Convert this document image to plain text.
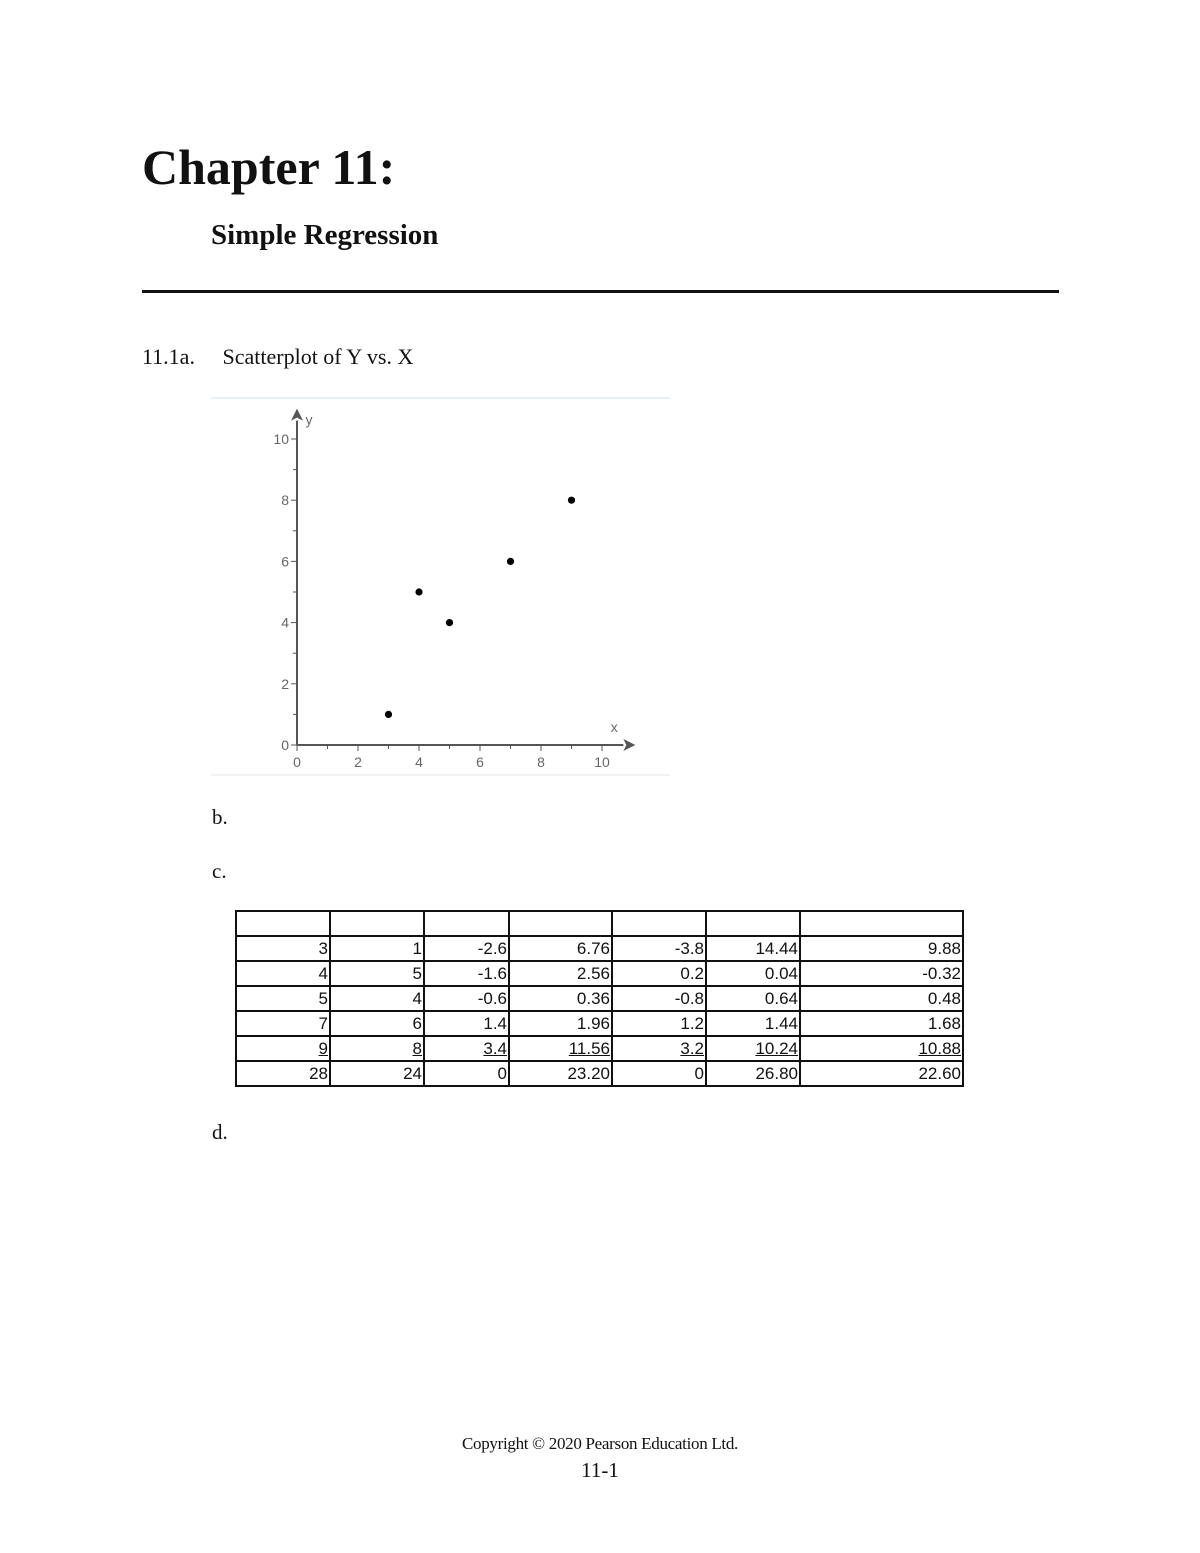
Chapter 11:
Simple Regression
11.1a. Scatterplot of Y vs. X
0	2	4	6	8	10
0
2
4
6
8
10
x
y
b.
c.

3	1	-2.6	6.76	-3.8	14.44	9.88
4	5	-1.6	2.56	0.2	0.04	-0.32
5	4	-0.6	0.36	-0.8	0.64	0.48
7	6	1.4	1.96	1.2	1.44	1.68
9	8	3.4	11.56	3.2	10.24	10.88
28	24	0	23.20	0	26.80	22.60
d.
Copyright © 2020 Pearson Education Ltd.
11-1
